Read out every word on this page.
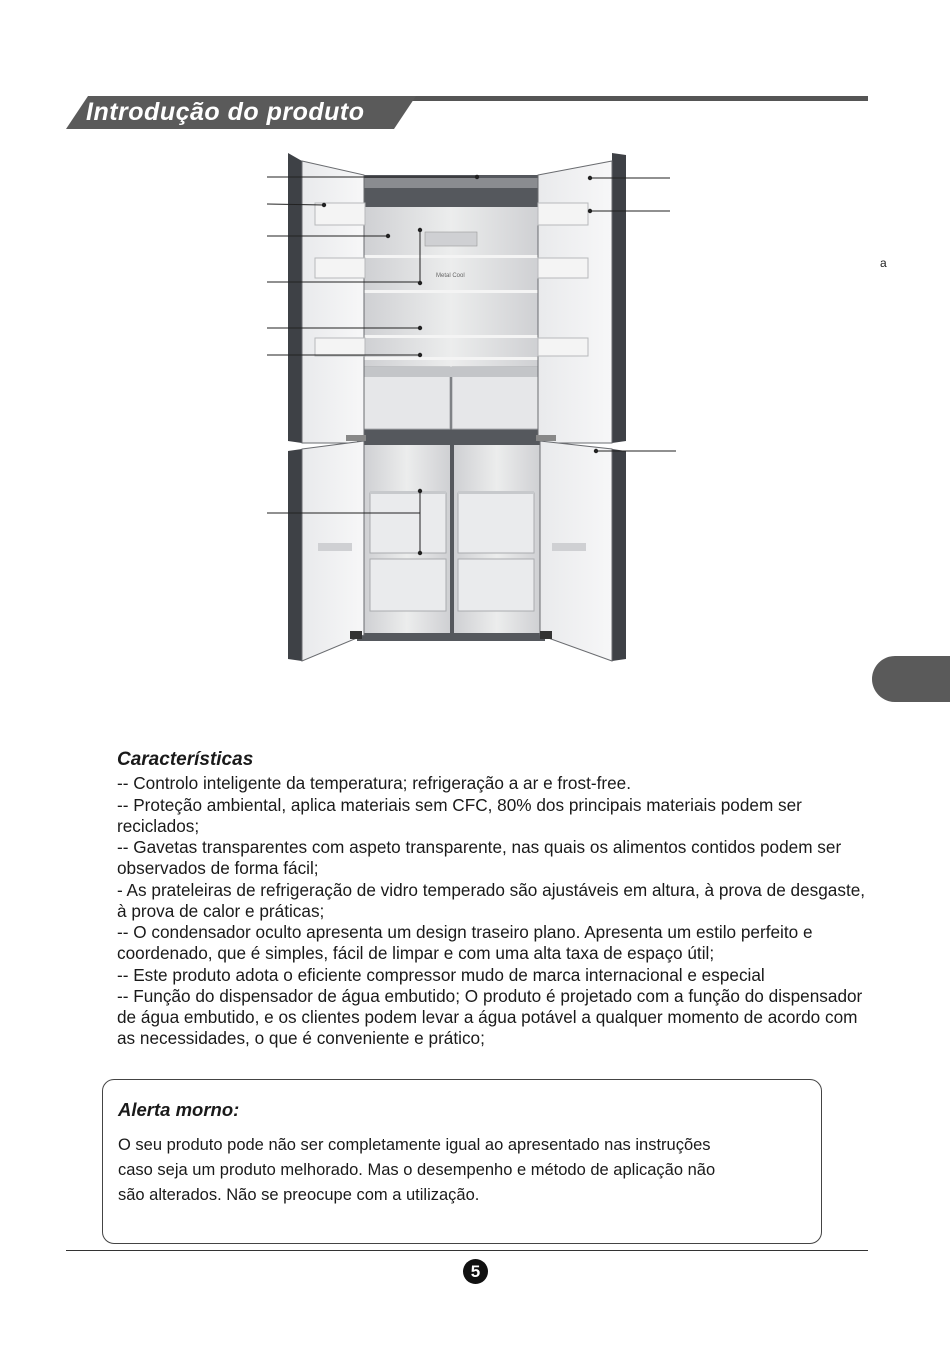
Introdução do produto
Metal Cool
a
Características
-- Controlo inteligente da temperatura; refrigeração a ar e frost-free.
-- Proteção ambiental, aplica materiais sem CFC, 80% dos principais materiais podem ser reciclados;
-- Gavetas transparentes com aspeto transparente, nas quais os alimentos contidos podem ser observados de forma fácil;
- As prateleiras de refrigeração de vidro temperado são ajustáveis em altura, à prova de desgaste, à prova de calor e práticas;
-- O condensador oculto apresenta um design traseiro plano. Apresenta um estilo perfeito e coordenado, que é simples, fácil de limpar e com uma alta taxa de espaço útil;
-- Este produto adota o eficiente compressor mudo de marca internacional e especial
-- Função do dispensador de água embutido; O produto é projetado com a função do dispensador de água embutido, e os clientes podem levar a água potável a qualquer momento de acordo com as necessidades, o que é conveniente e prático;
Alerta morno:
O seu produto pode não ser completamente igual ao apresentado nas instruções caso seja um produto melhorado. Mas o desempenho e método de aplicação não são alterados. Não se preocupe com a utilização.
5
